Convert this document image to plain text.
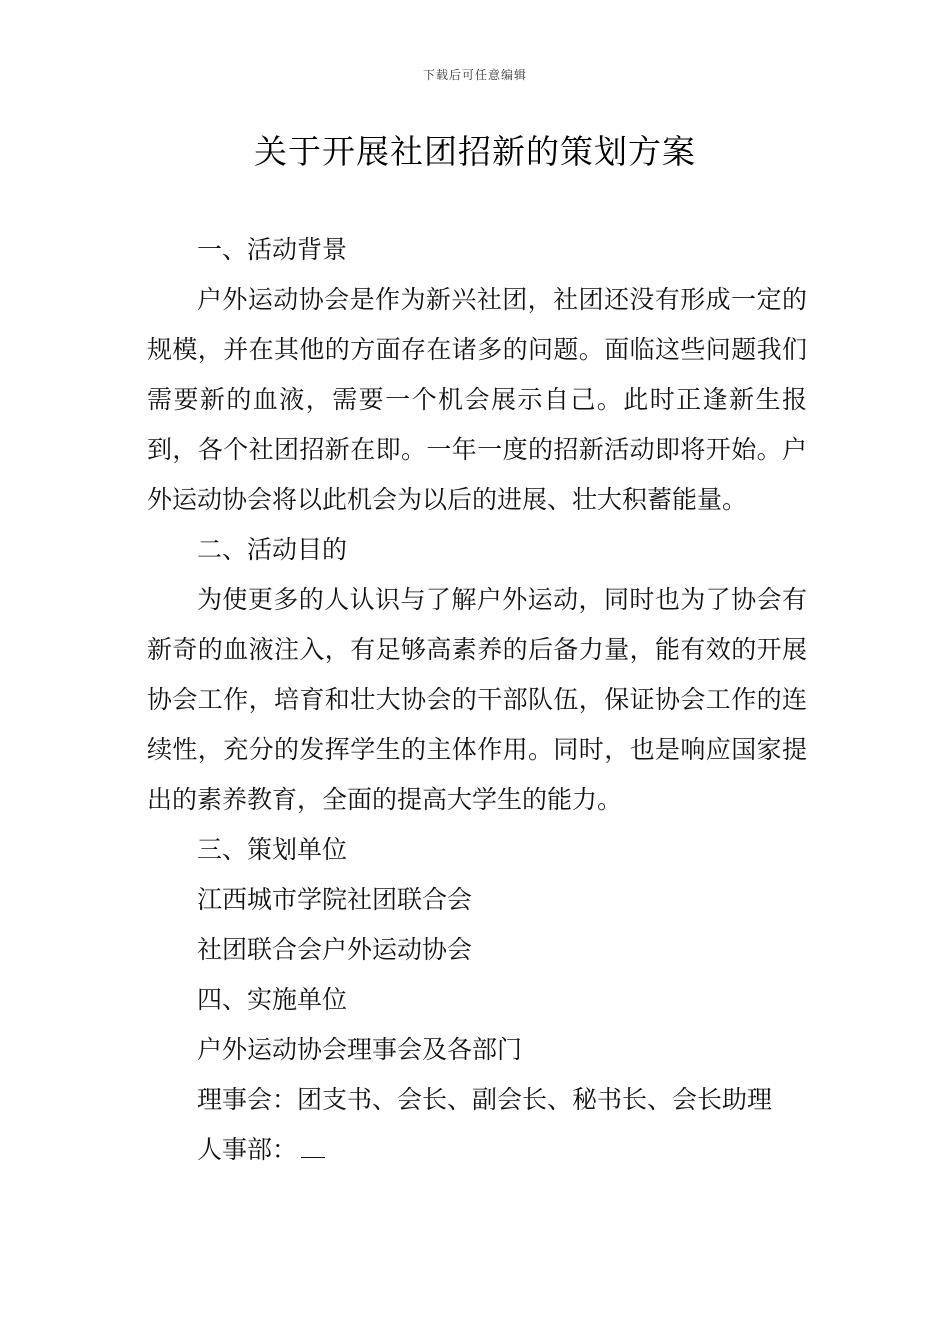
下载后可任意编辑
关于开展社团招新的策划方案

一、活动背景

户外运动协会是作为新兴社团，社团还没有形成一定的规模，并在其他的方面存在诸多的问题。面临这些问题我们需要新的血液，需要一个机会展示自己。此时正逢新生报到，各个社团招新在即。一年一度的招新活动即将开始。户外运动协会将以此机会为以后的进展、壮大积蓄能量。

二、活动目的

为使更多的人认识与了解户外运动，同时也为了协会有新奇的血液注入，有足够高素养的后备力量，能有效的开展协会工作，培育和壮大协会的干部队伍，保证协会工作的连续性，充分的发挥学生的主体作用。同时，也是响应国家提出的素养教育，全面的提高大学生的能力。

三、策划单位

江西城市学院社团联合会

社团联合会户外运动协会

四、实施单位

户外运动协会理事会及各部门

理事会：团支书、会长、副会长、秘书长、会长助理

人事部：
